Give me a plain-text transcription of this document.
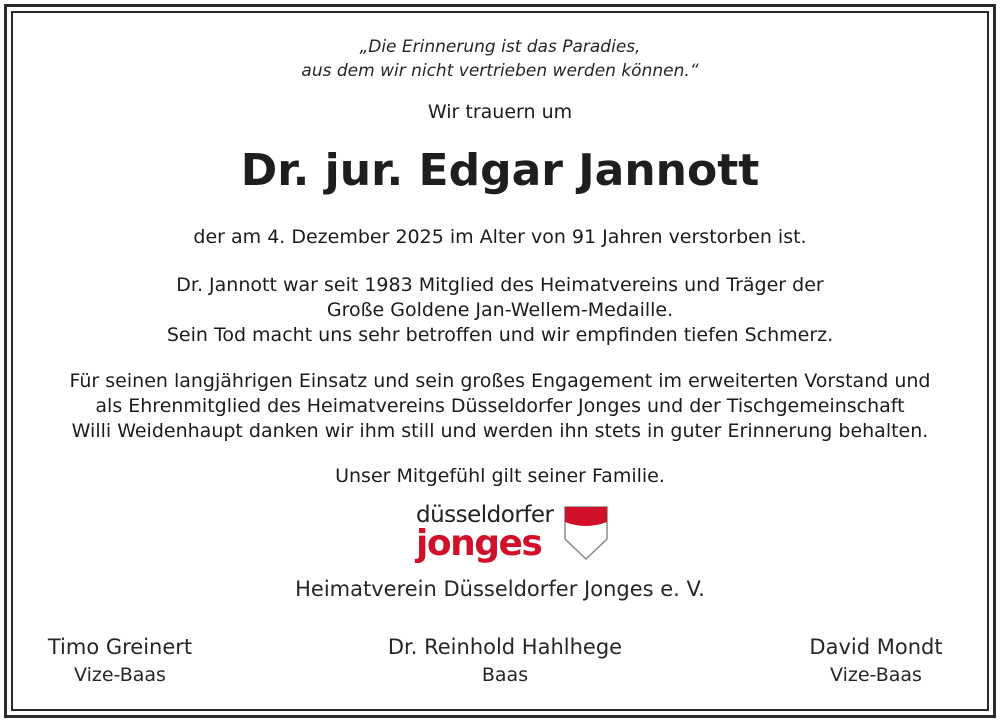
„Die Erinnerung ist das Paradies,
aus dem wir nicht vertrieben werden können.“
Wir trauern um
Dr. jur. Edgar Jannott
der am 4. Dezember 2025 im Alter von 91 Jahren verstorben ist.
Dr. Jannott war seit 1983 Mitglied des Heimatvereins und Träger der
Große Goldene Jan-Wellem-Medaille.
Sein Tod macht uns sehr betroffen und wir empfinden tiefen Schmerz.
Für seinen langjährigen Einsatz und sein großes Engagement im erweiterten Vorstand und
als Ehrenmitglied des Heimatvereins Düsseldorfer Jonges und der Tischgemeinschaft
Willi Weidenhaupt danken wir ihm still und werden ihn stets in guter Erinnerung behalten.
Unser Mitgefühl gilt seiner Familie.
düsseldorfer
jonges
Heimatverein Düsseldorfer Jonges e. V.
Timo Greinert
Vize-Baas
Dr. Reinhold Hahlhege
Baas
David Mondt
Vize-Baas
